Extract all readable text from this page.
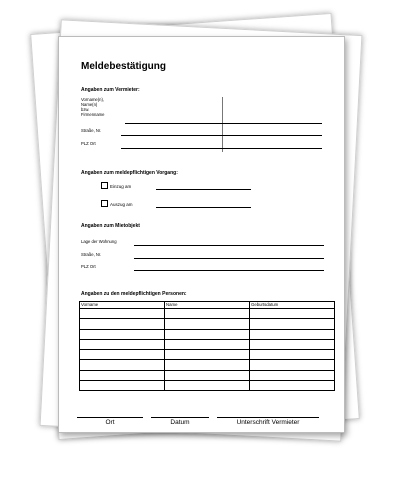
Meldebestätigung
Angaben zum Vermieter:
Vorname(n),
Name(n)
bzw.
Firmenname
Straße, Nr.
PLZ Ort
Angaben zum meldepflichtigen Vorgang:
Einzug am
Auszug am
Angaben zum Mietobjekt
Lage der Wohnung
Straße, Nr.
PLZ Ort
Angaben zu den meldepflichtigen Personen:
Vorname	Name	Geburtsdatum

Ort	Datum	Unterschrift Vermieter
